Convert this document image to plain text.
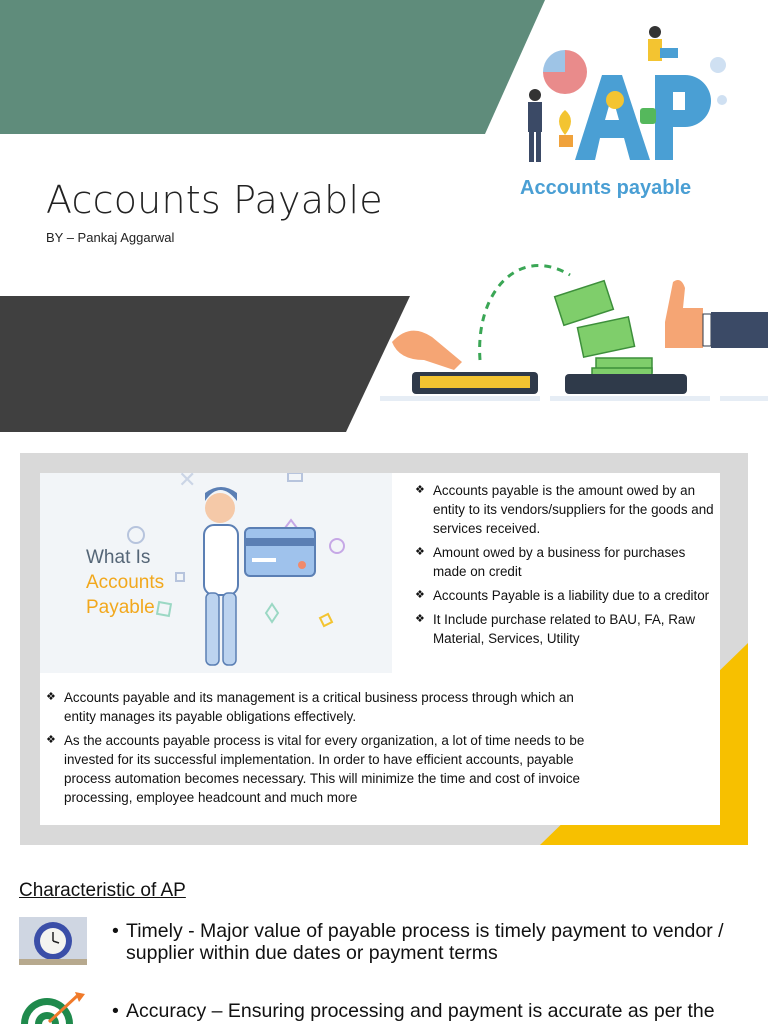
Accounts payable
Accounts Payable
BY – Pankaj Aggarwal
✕
What Is
Accounts
Payable
❖ Accounts payable is the amount owed by an entity to its vendors/suppliers for the goods and services received.
❖ Amount owed by a business for purchases made on credit
❖ Accounts Payable is a liability due to a creditor
❖ It Include purchase related to BAU, FA, Raw Material, Services, Utility
❖ Accounts payable and its management is a critical business process through which an entity manages its payable obligations effectively.
❖ As the accounts payable process is vital for every organization, a lot of time needs to be invested for its successful implementation. In order to have efficient accounts, payable process automation becomes necessary. This will minimize the time and cost of invoice processing, employee headcount and much more
Characteristic of AP
• Timely - Major value of payable process is timely payment to vendor / supplier within due dates or payment terms
• Accuracy – Ensuring processing and payment is accurate as per the
